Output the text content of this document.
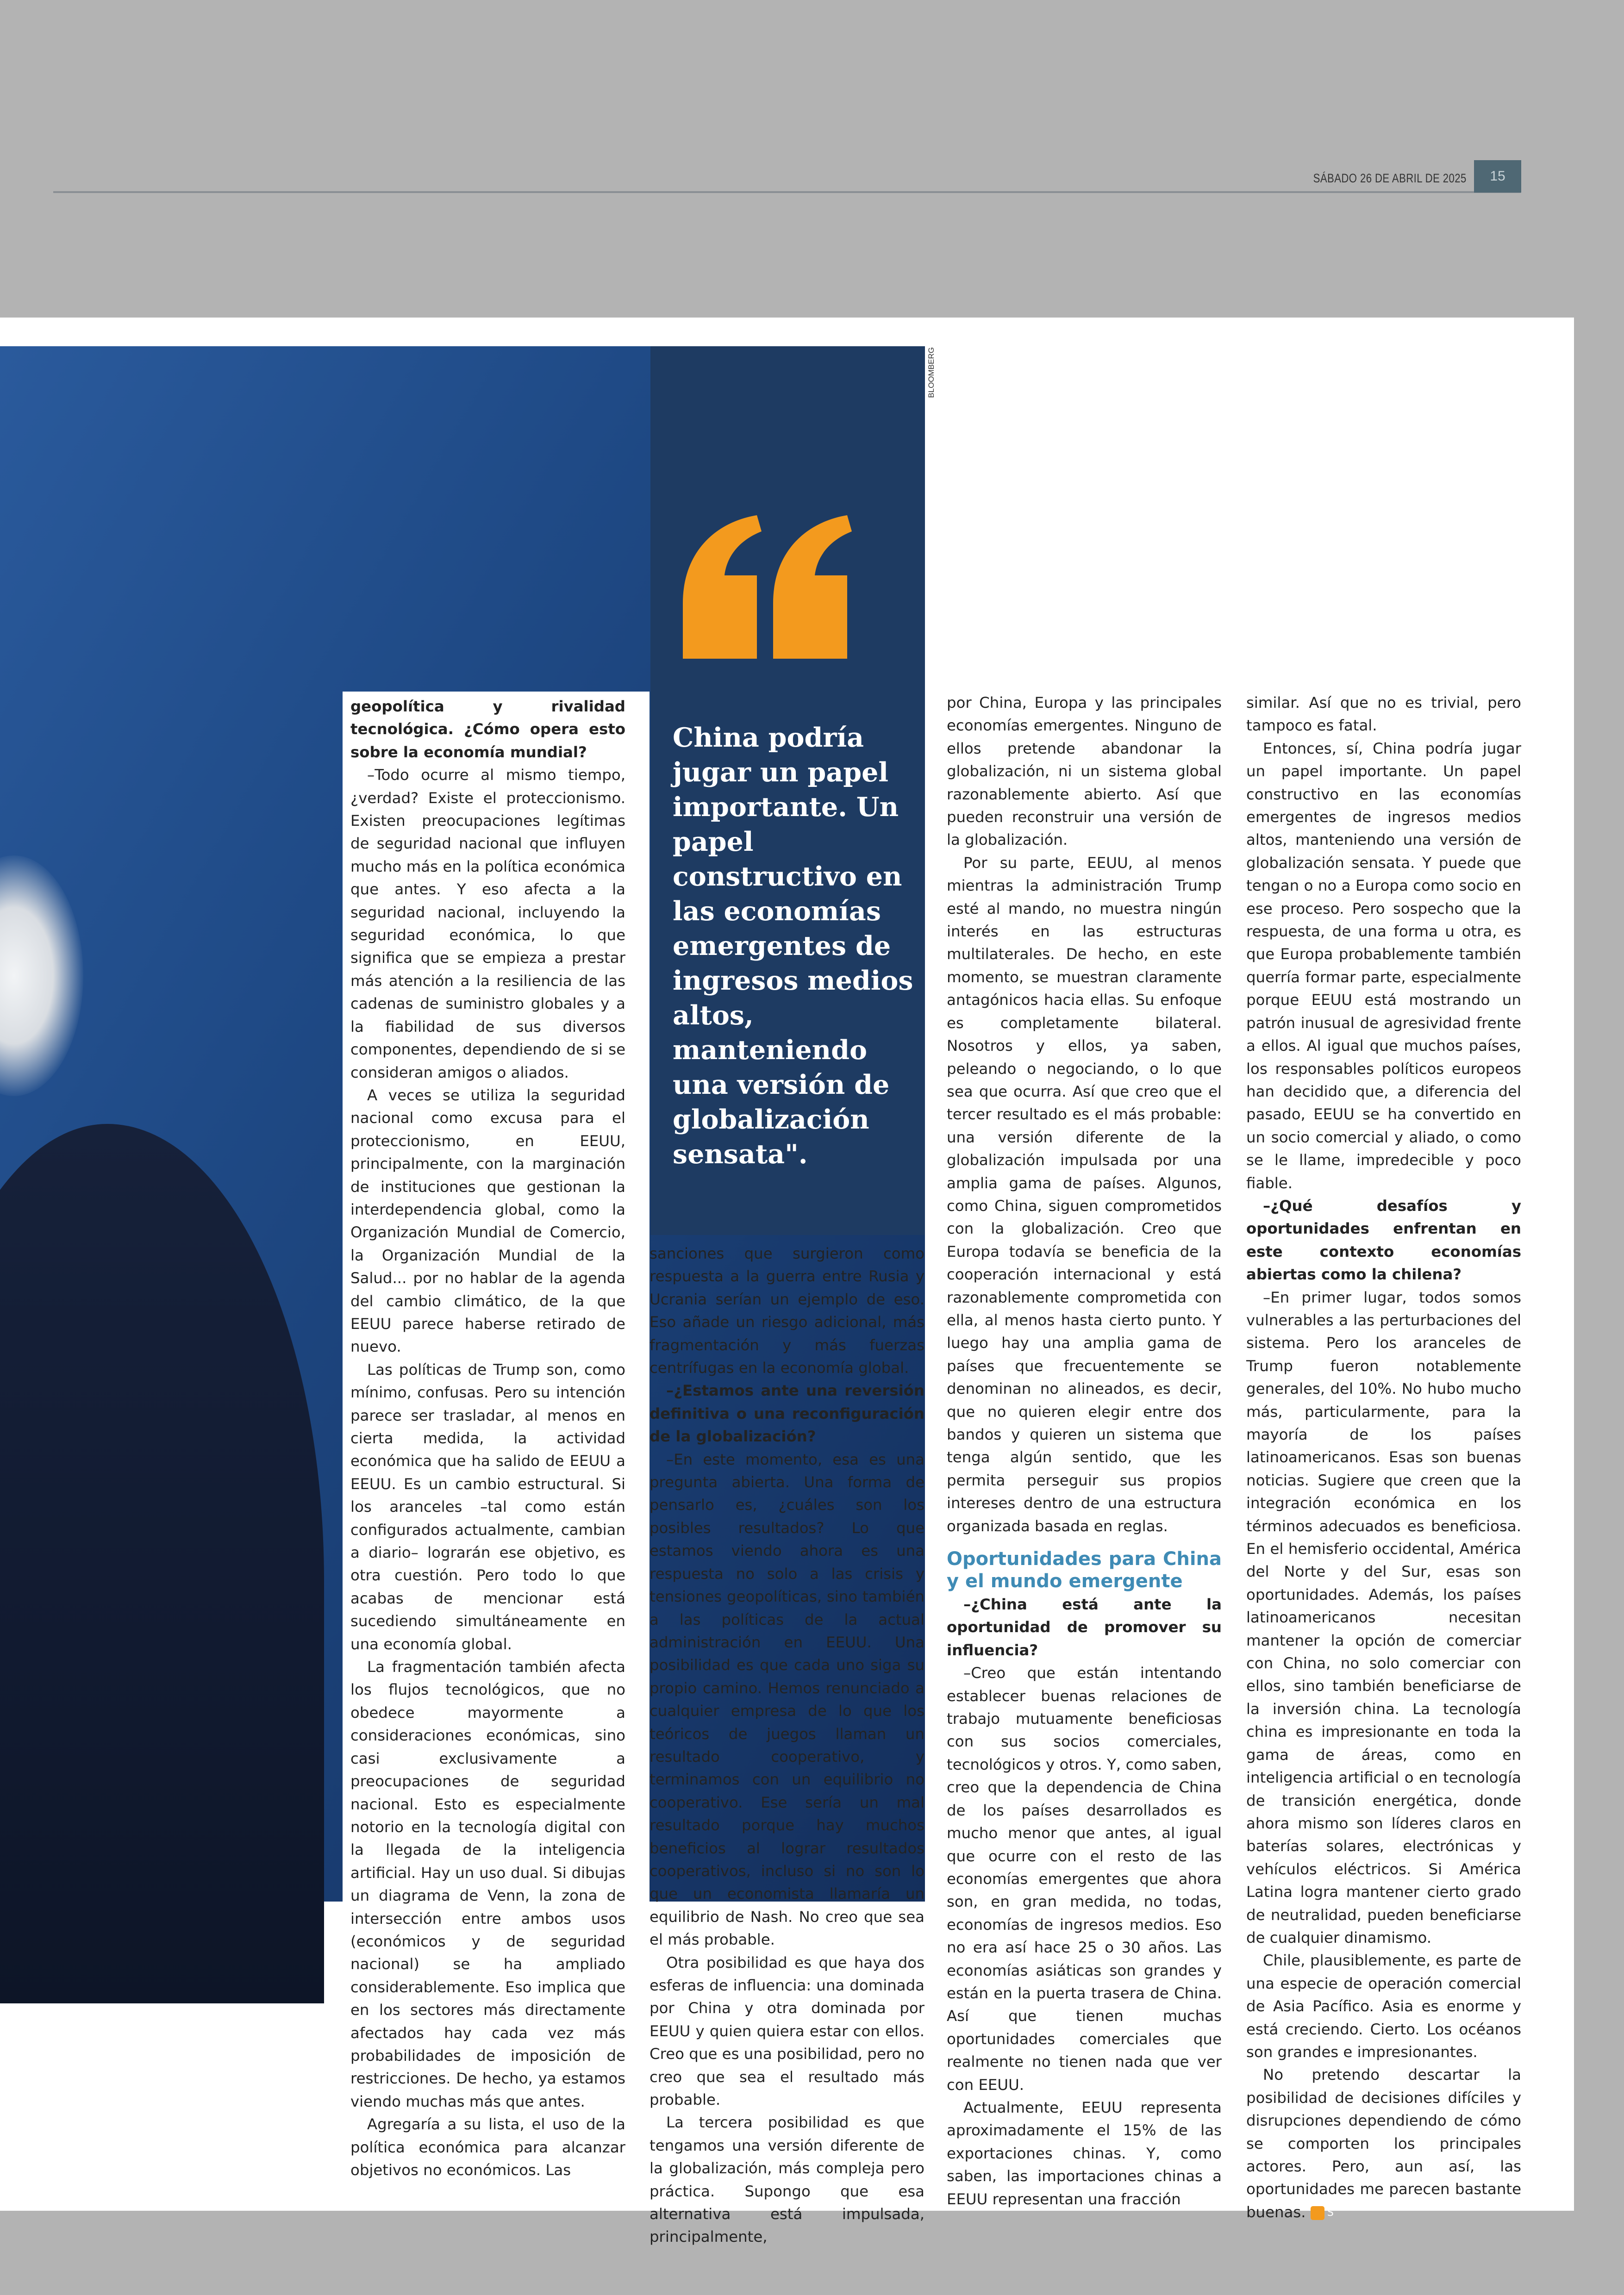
SÁBADO 26 DE ABRIL DE 2025	15
BLOOMBERG
China podría jugar un papel importante. Un papel constructivo en las economías emergentes de ingresos medios altos, manteniendo una versión de globalización sensata".

geopolítica y rivalidad tecnológica. ¿Cómo opera esto sobre la economía mundial?

–Todo ocurre al mismo tiempo, ¿verdad? Existe el proteccionismo. Existen preocupaciones legítimas de seguridad nacional que influyen mucho más en la política económica que antes. Y eso afecta a la seguridad nacional, incluyendo la seguridad económica, lo que significa que se empieza a prestar más atención a la resiliencia de las cadenas de suministro globales y a la fiabilidad de sus diversos componentes, dependiendo de si se consideran amigos o aliados.

A veces se utiliza la seguridad nacional como excusa para el proteccionismo, en EEUU, principalmente, con la marginación de instituciones que gestionan la interdependencia global, como la Organización Mundial de Comercio, la Organización Mundial de la Salud... por no hablar de la agenda del cambio climático, de la que EEUU parece haberse retirado de nuevo.

Las políticas de Trump son, como mínimo, confusas. Pero su intención parece ser trasladar, al menos en cierta medida, la actividad económica que ha salido de EEUU a EEUU. Es un cambio estructural. Si los aranceles –tal como están configurados actualmente, cambian a diario– lograrán ese objetivo, es otra cuestión. Pero todo lo que acabas de mencionar está sucediendo simultáneamente en una economía global.

La fragmentación también afecta los flujos tecnológicos, que no obedece mayormente a consideraciones económicas, sino casi exclusivamente a preocupaciones de seguridad nacional. Esto es especialmente notorio en la tecnología digital con la llegada de la inteligencia artificial. Hay un uso dual. Si dibujas un diagrama de Venn, la zona de intersección entre ambos usos (económicos y de seguridad nacional) se ha ampliado considerablemente. Eso implica que en los sectores más directamente afectados hay cada vez más probabilidades de imposición de restricciones. De hecho, ya estamos viendo muchas más que antes.

Agregaría a su lista, el uso de la política económica para alcanzar objetivos no económicos. Las

sanciones que surgieron como respuesta a la guerra entre Rusia y Ucrania serían un ejemplo de eso. Eso añade un riesgo adicional, más fragmentación y más fuerzas centrífugas en la economía global.

–¿Estamos ante una reversión definitiva o una reconfiguración de la globalización?

–En este momento, esa es una pregunta abierta. Una forma de pensarlo es, ¿cuáles son los posibles resultados? Lo que estamos viendo ahora es una respuesta no solo a las crisis y tensiones geopolíticas, sino también a las políticas de la actual administración en EEUU. Una posibilidad es que cada uno siga su propio camino. Hemos renunciado a cualquier empresa de lo que los teóricos de juegos llaman un resultado cooperativo, y terminamos con un equilibrio no cooperativo. Ese sería un mal resultado porque hay muchos beneficios al lograr resultados cooperativos, incluso si no son lo que un economista llamaría un equilibrio de Nash. No creo que sea el más probable.

Otra posibilidad es que haya dos esferas de influencia: una dominada por China y otra dominada por EEUU y quien quiera estar con ellos. Creo que es una posibilidad, pero no creo que sea el resultado más probable.

La tercera posibilidad es que tengamos una versión diferente de la globalización, más compleja pero práctica. Supongo que esa alternativa está impulsada, principalmente,

por China, Europa y las principales economías emergentes. Ninguno de ellos pretende abandonar la globalización, ni un sistema global razonablemente abierto. Así que pueden reconstruir una versión de la globalización.

Por su parte, EEUU, al menos mientras la administración Trump esté al mando, no muestra ningún interés en las estructuras multilaterales. De hecho, en este momento, se muestran claramente antagónicos hacia ellas. Su enfoque es completamente bilateral. Nosotros y ellos, ya saben, peleando o negociando, o lo que sea que ocurra. Así que creo que el tercer resultado es el más probable: una versión diferente de la globalización impulsada por una amplia gama de países. Algunos, como China, siguen comprometidos con la globalización. Creo que Europa todavía se beneficia de la cooperación internacional y está razonablemente comprometida con ella, al menos hasta cierto punto. Y luego hay una amplia gama de países que frecuentemente se denominan no alineados, es decir, que no quieren elegir entre dos bandos y quieren un sistema que tenga algún sentido, que les permita perseguir sus propios intereses dentro de una estructura organizada basada en reglas.

Oportunidades para China y el mundo emergente

–¿China está ante la oportunidad de promover su influencia?

–Creo que están intentando establecer buenas relaciones de trabajo mutuamente beneficiosas con sus socios comerciales, tecnológicos y otros. Y, como saben, creo que la dependencia de China de los países desarrollados es mucho menor que antes, al igual que ocurre con el resto de las economías emergentes que ahora son, en gran medida, no todas, economías de ingresos medios. Eso no era así hace 25 o 30 años. Las economías asiáticas son grandes y están en la puerta trasera de China. Así que tienen muchas oportunidades comerciales que realmente no tienen nada que ver con EEUU.

Actualmente, EEUU representa aproximadamente el 15% de las exportaciones chinas. Y, como saben, las importaciones chinas a EEUU representan una fracción

similar. Así que no es trivial, pero tampoco es fatal.

Entonces, sí, China podría jugar un papel importante. Un papel constructivo en las economías emergentes de ingresos medios altos, manteniendo una versión de globalización sensata. Y puede que tengan o no a Europa como socio en ese proceso. Pero sospecho que la respuesta, de una forma u otra, es que Europa probablemente también querría formar parte, especialmente porque EEUU está mostrando un patrón inusual de agresividad frente a ellos. Al igual que muchos países, los responsables políticos europeos han decidido que, a diferencia del pasado, EEUU se ha convertido en un socio comercial y aliado, o como se le llame, impredecible y poco fiable.

–¿Qué desafíos y oportunidades enfrentan en este contexto economías abiertas como la chilena?

–En primer lugar, todos somos vulnerables a las perturbaciones del sistema. Pero los aranceles de Trump fueron notablemente generales, del 10%. No hubo mucho más, particularmente, para la mayoría de los países latinoamericanos. Esas son buenas noticias. Sugiere que creen que la integración económica en los términos adecuados es beneficiosa. En el hemisferio occidental, América del Norte y del Sur, esas son oportunidades. Además, los países latinoamericanos necesitan mantener la opción de comerciar con China, no solo comerciar con ellos, sino también beneficiarse de la inversión china. La tecnología china es impresionante en toda la gama de áreas, como en inteligencia artificial o en tecnología de transición energética, donde ahora mismo son líderes claros en baterías solares, electrónicas y vehículos eléctricos. Si América Latina logra mantener cierto grado de neutralidad, pueden beneficiarse de cualquier dinamismo.

Chile, plausiblemente, es parte de una especie de operación comercial de Asia Pacífico. Asia es enorme y está creciendo. Cierto. Los océanos son grandes e impresionantes.

No pretendo descartar la posibilidad de decisiones difíciles y disrupciones dependiendo de cómo se comporten los principales actores. Pero, aun así, las oportunidades me parecen bastante buenas. S
